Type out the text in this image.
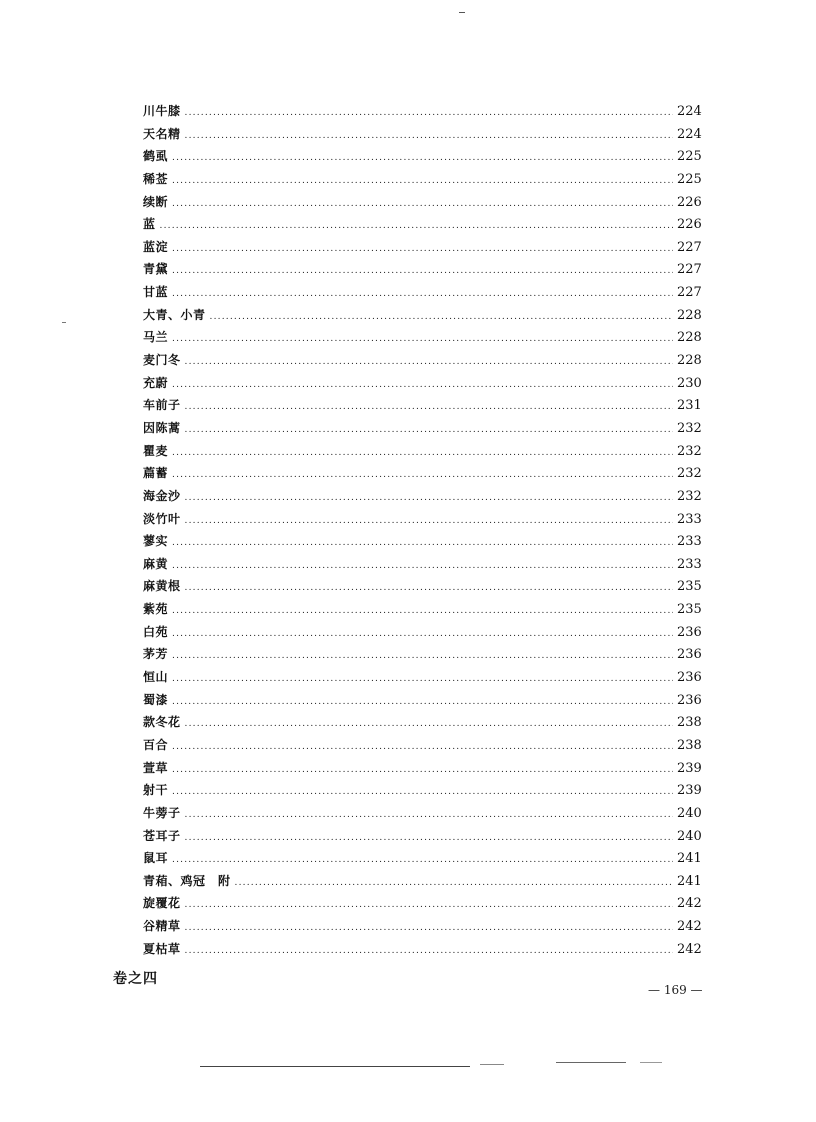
川牛膝 .....	224
天名精 .....	224
鹤虱 .....	225
稀莶 .....	225
续断 .....	226
蓝 .....	226
蓝淀 .....	227
青黛 .....	227
甘蓝 .....	227
大青、小青 .....	228
马兰 .....	228
麦门冬 .....	228
充蔚 .....	230
车前子 .....	231
因陈蒿 .....	232
瞿麦 .....	232
萹蓄 .....	232
海金沙 .....	232
淡竹叶 .....	233
蓼实 .....	233
麻黄 .....	233
麻黄根 .....	235
紫苑 .....	235
白苑 .....	236
茅芳 .....	236
恒山 .....	236
蜀漆 .....	236
款冬花 .....	238
百合 .....	238
萱草 .....	239
射干 .....	239
牛蒡子 .....	240
苍耳子 .....	240
鼠耳 .....	241
青葙、鸡冠　附 .....	241
旋覆花 .....	242
谷精草 .....	242
夏枯草 .....	242
卷之四
— 169 —
